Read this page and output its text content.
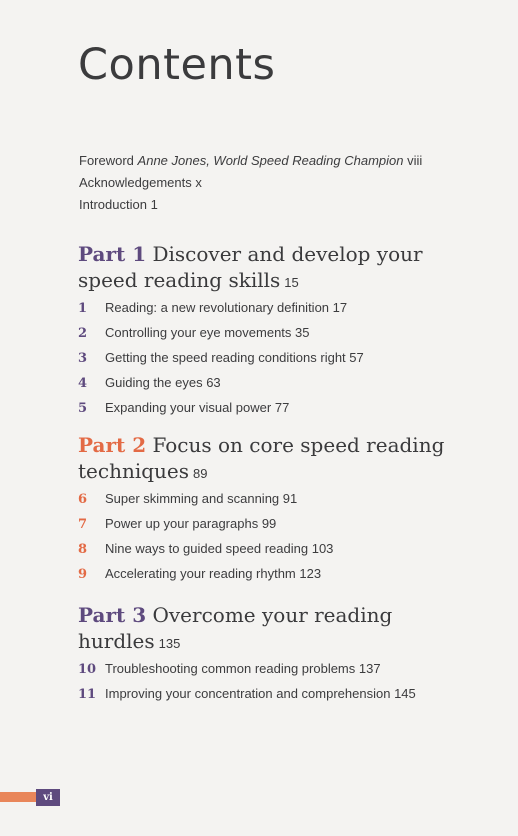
Contents
Foreword Anne Jones, World Speed Reading Champion viii
Acknowledgements x
Introduction 1
Part 1 Discover and develop your
speed reading skills 15
1 Reading: a new revolutionary definition 17
2 Controlling your eye movements 35
3 Getting the speed reading conditions right 57
4 Guiding the eyes 63
5 Expanding your visual power 77
Part 2 Focus on core speed reading
techniques 89
6 Super skimming and scanning 91
7 Power up your paragraphs 99
8 Nine ways to guided speed reading 103
9 Accelerating your reading rhythm 123
Part 3 Overcome your reading
hurdles 135
10 Troubleshooting common reading problems 137
11 Improving your concentration and comprehension 145
vi
